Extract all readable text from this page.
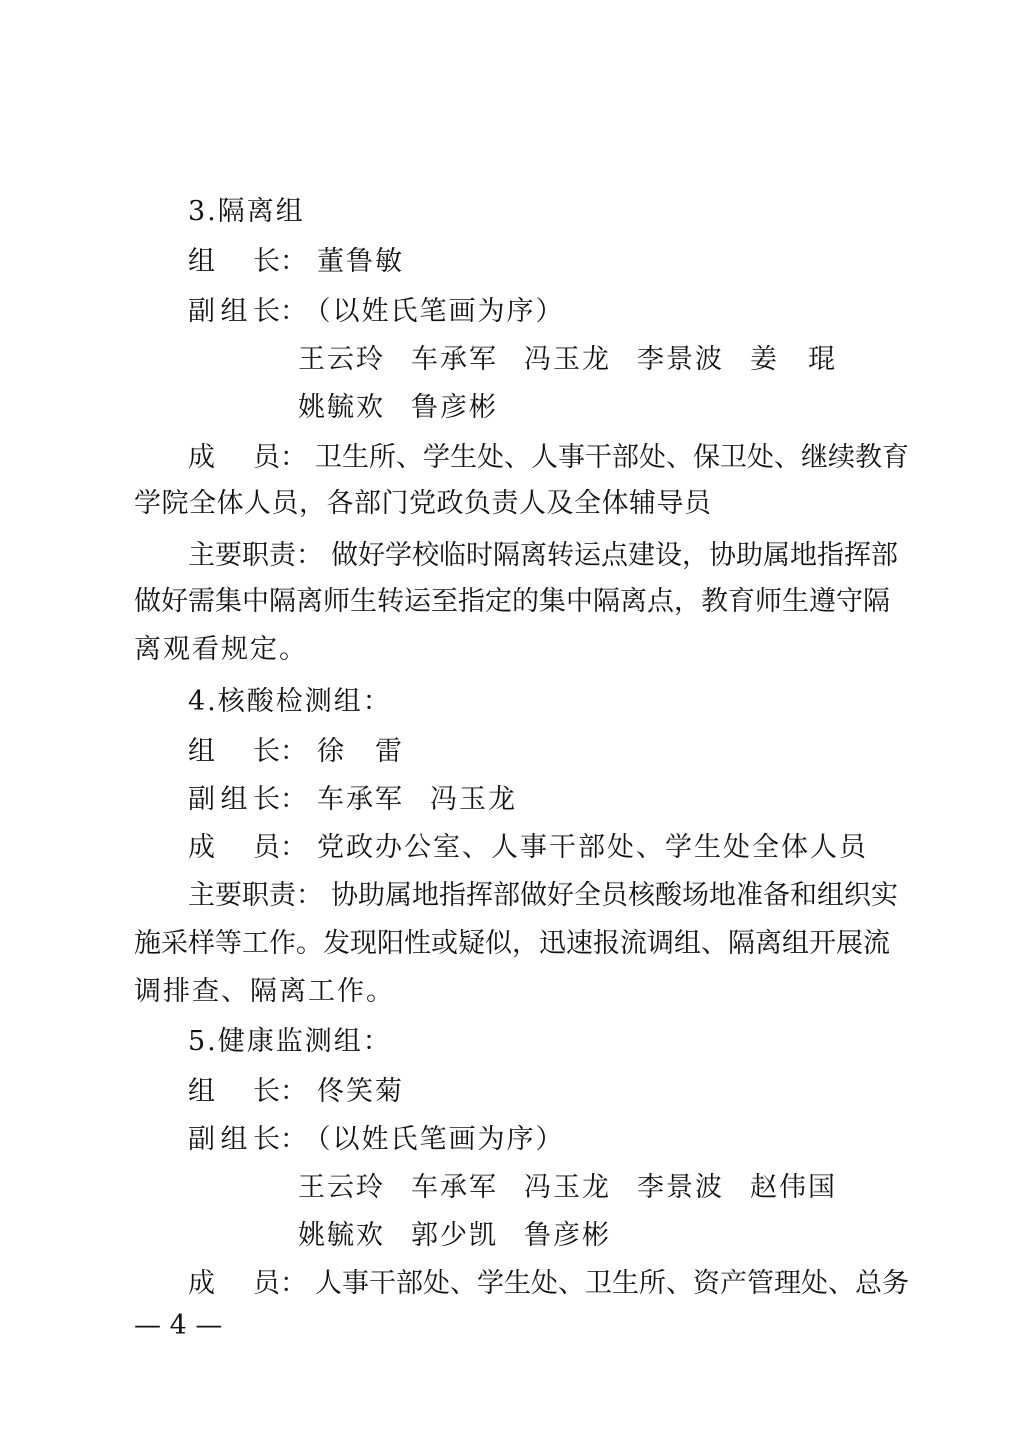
3.隔离组
组　长： 董鲁敏
副组长： （以姓氏笔画为序）
王云玲 车承军 冯玉龙 李景波 姜　琨
姚毓欢 鲁彦彬
成　员： 卫生所、学生处、人事干部处、保卫处、继续教育
学院全体人员，各部门党政负责人及全体辅导员
主要职责： 做好学校临时隔离转运点建设，协助属地指挥部
做好需集中隔离师生转运至指定的集中隔离点，教育师生遵守隔
离观看规定。
4.核酸检测组：
组　长： 徐　雷
副组长： 车承军 冯玉龙
成　员： 党政办公室、人事干部处、学生处全体人员
主要职责： 协助属地指挥部做好全员核酸场地准备和组织实
施采样等工作。发现阳性或疑似，迅速报流调组、隔离组开展流
调排查、隔离工作。
5.健康监测组：
组　长： 佟笑菊
副组长： （以姓氏笔画为序）
王云玲 车承军 冯玉龙 李景波 赵伟国
姚毓欢 郭少凯 鲁彦彬
成　员： 人事干部处、学生处、卫生所、资产管理处、总务
— 4 —
